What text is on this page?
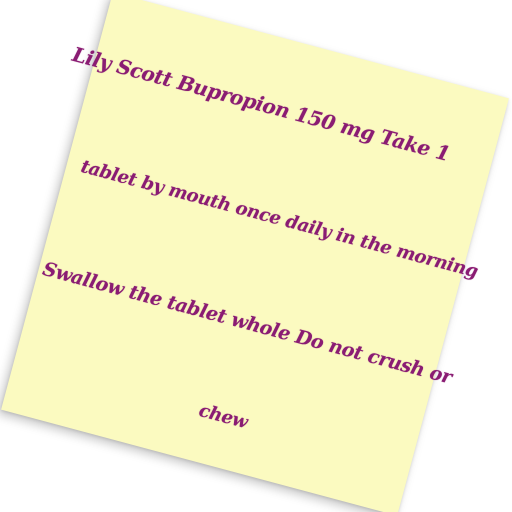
Lily Scott Bupropion 150 mg Take 1

tablet by mouth once daily in the morning

Swallow the tablet whole Do not crush or

chew
